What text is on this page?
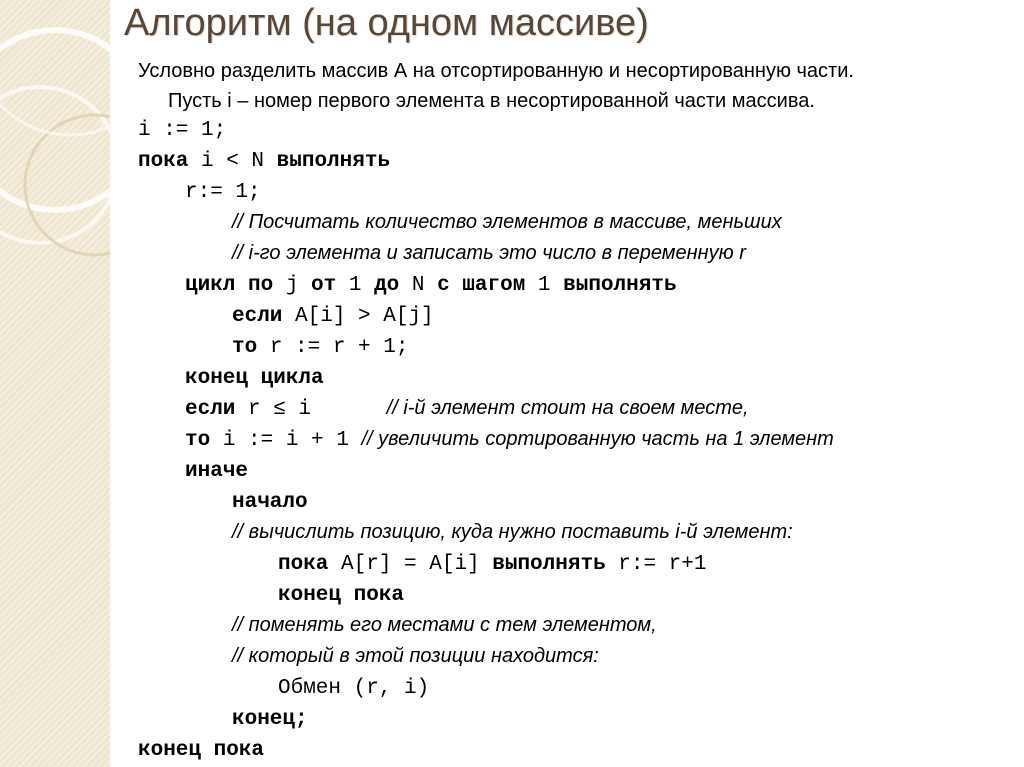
Алгоритм (на одном массиве)
Условно разделить массив А на отсортированную и несортированную части.
Пусть i – номер первого элемента в несортированной части массива.
i := 1;
пока i < N выполнять
r:= 1;
// Посчитать количество элементов в массиве, меньших
// i-го элемента и записать это число в переменную r
цикл по j от 1 до N с шагом 1 выполнять
если A[i] > A[j]
то r := r + 1;
конец цикла
если r ≤ i      // i-й элемент стоит на своем месте,
то i := i + 1 // увеличить сортированную часть на 1 элемент
иначе
начало
// вычислить позицию, куда нужно поставить i-й элемент:
пока A[r] = A[i] выполнять r:= r+1
конец пока
// поменять его местами с тем элементом,
// который в этой позиции находится:
Обмен (r, i)
конец;
конец пока
